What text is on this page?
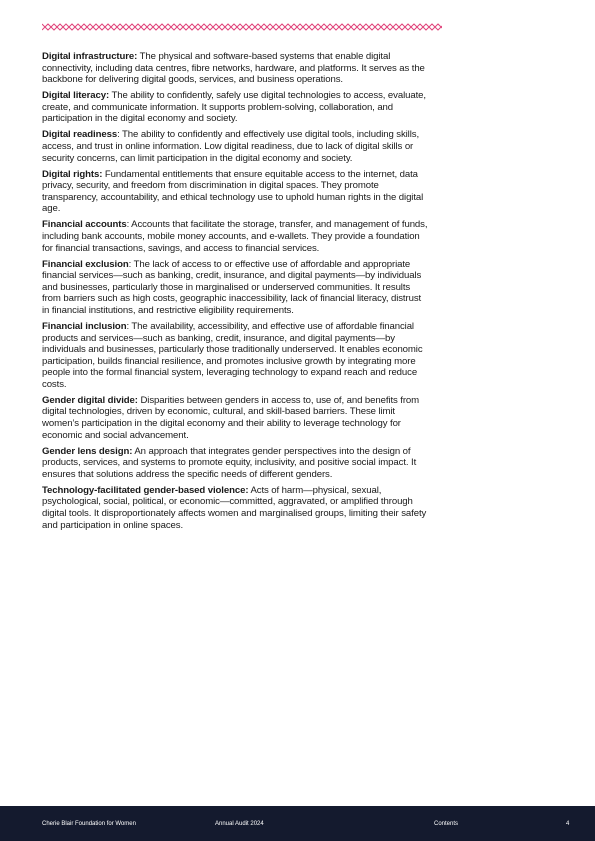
Digital infrastructure: The physical and software-based systems that enable digital connectivity, including data centres, fibre networks, hardware, and platforms. It serves as the backbone for delivering digital goods, services, and business operations.

Digital literacy: The ability to confidently, safely use digital technologies to access, evaluate, create, and communicate information. It supports problem-solving, collaboration, and participation in the digital economy and society.

Digital readiness: The ability to confidently and effectively use digital tools, including skills, access, and trust in online information. Low digital readiness, due to lack of digital skills or security concerns, can limit participation in the digital economy and society.

Digital rights: Fundamental entitlements that ensure equitable access to the internet, data privacy, security, and freedom from discrimination in digital spaces. They promote transparency, accountability, and ethical technology use to uphold human rights in the digital age.

Financial accounts: Accounts that facilitate the storage, transfer, and management of funds, including bank accounts, mobile money accounts, and e-wallets. They provide a foundation for financial transactions, savings, and access to financial services.

Financial exclusion: The lack of access to or effective use of affordable and appropriate financial services—such as banking, credit, insurance, and digital payments—by individuals and businesses, particularly those in marginalised or underserved communities. It results from barriers such as high costs, geographic inaccessibility, lack of financial literacy, distrust in financial institutions, and restrictive eligibility requirements.

Financial inclusion: The availability, accessibility, and effective use of affordable financial products and services—such as banking, credit, insurance, and digital payments—by individuals and businesses, particularly those traditionally underserved. It enables economic participation, builds financial resilience, and promotes inclusive growth by integrating more people into the formal financial system, leveraging technology to expand reach and reduce costs.

Gender digital divide: Disparities between genders in access to, use of, and benefits from digital technologies, driven by economic, cultural, and skill-based barriers. These limit women’s participation in the digital economy and their ability to leverage technology for economic and social advancement.

Gender lens design: An approach that integrates gender perspectives into the design of products, services, and systems to promote equity, inclusivity, and positive social impact. It ensures that solutions address the specific needs of different genders.

Technology-facilitated gender-based violence: Acts of harm—physical, sexual, psychological, social, political, or economic—committed, aggravated, or amplified through digital tools. It disproportionately affects women and marginalised groups, limiting their safety and participation in online spaces.

Cherie Blair Foundation for Women	Annual Audit 2024	Contents	4
